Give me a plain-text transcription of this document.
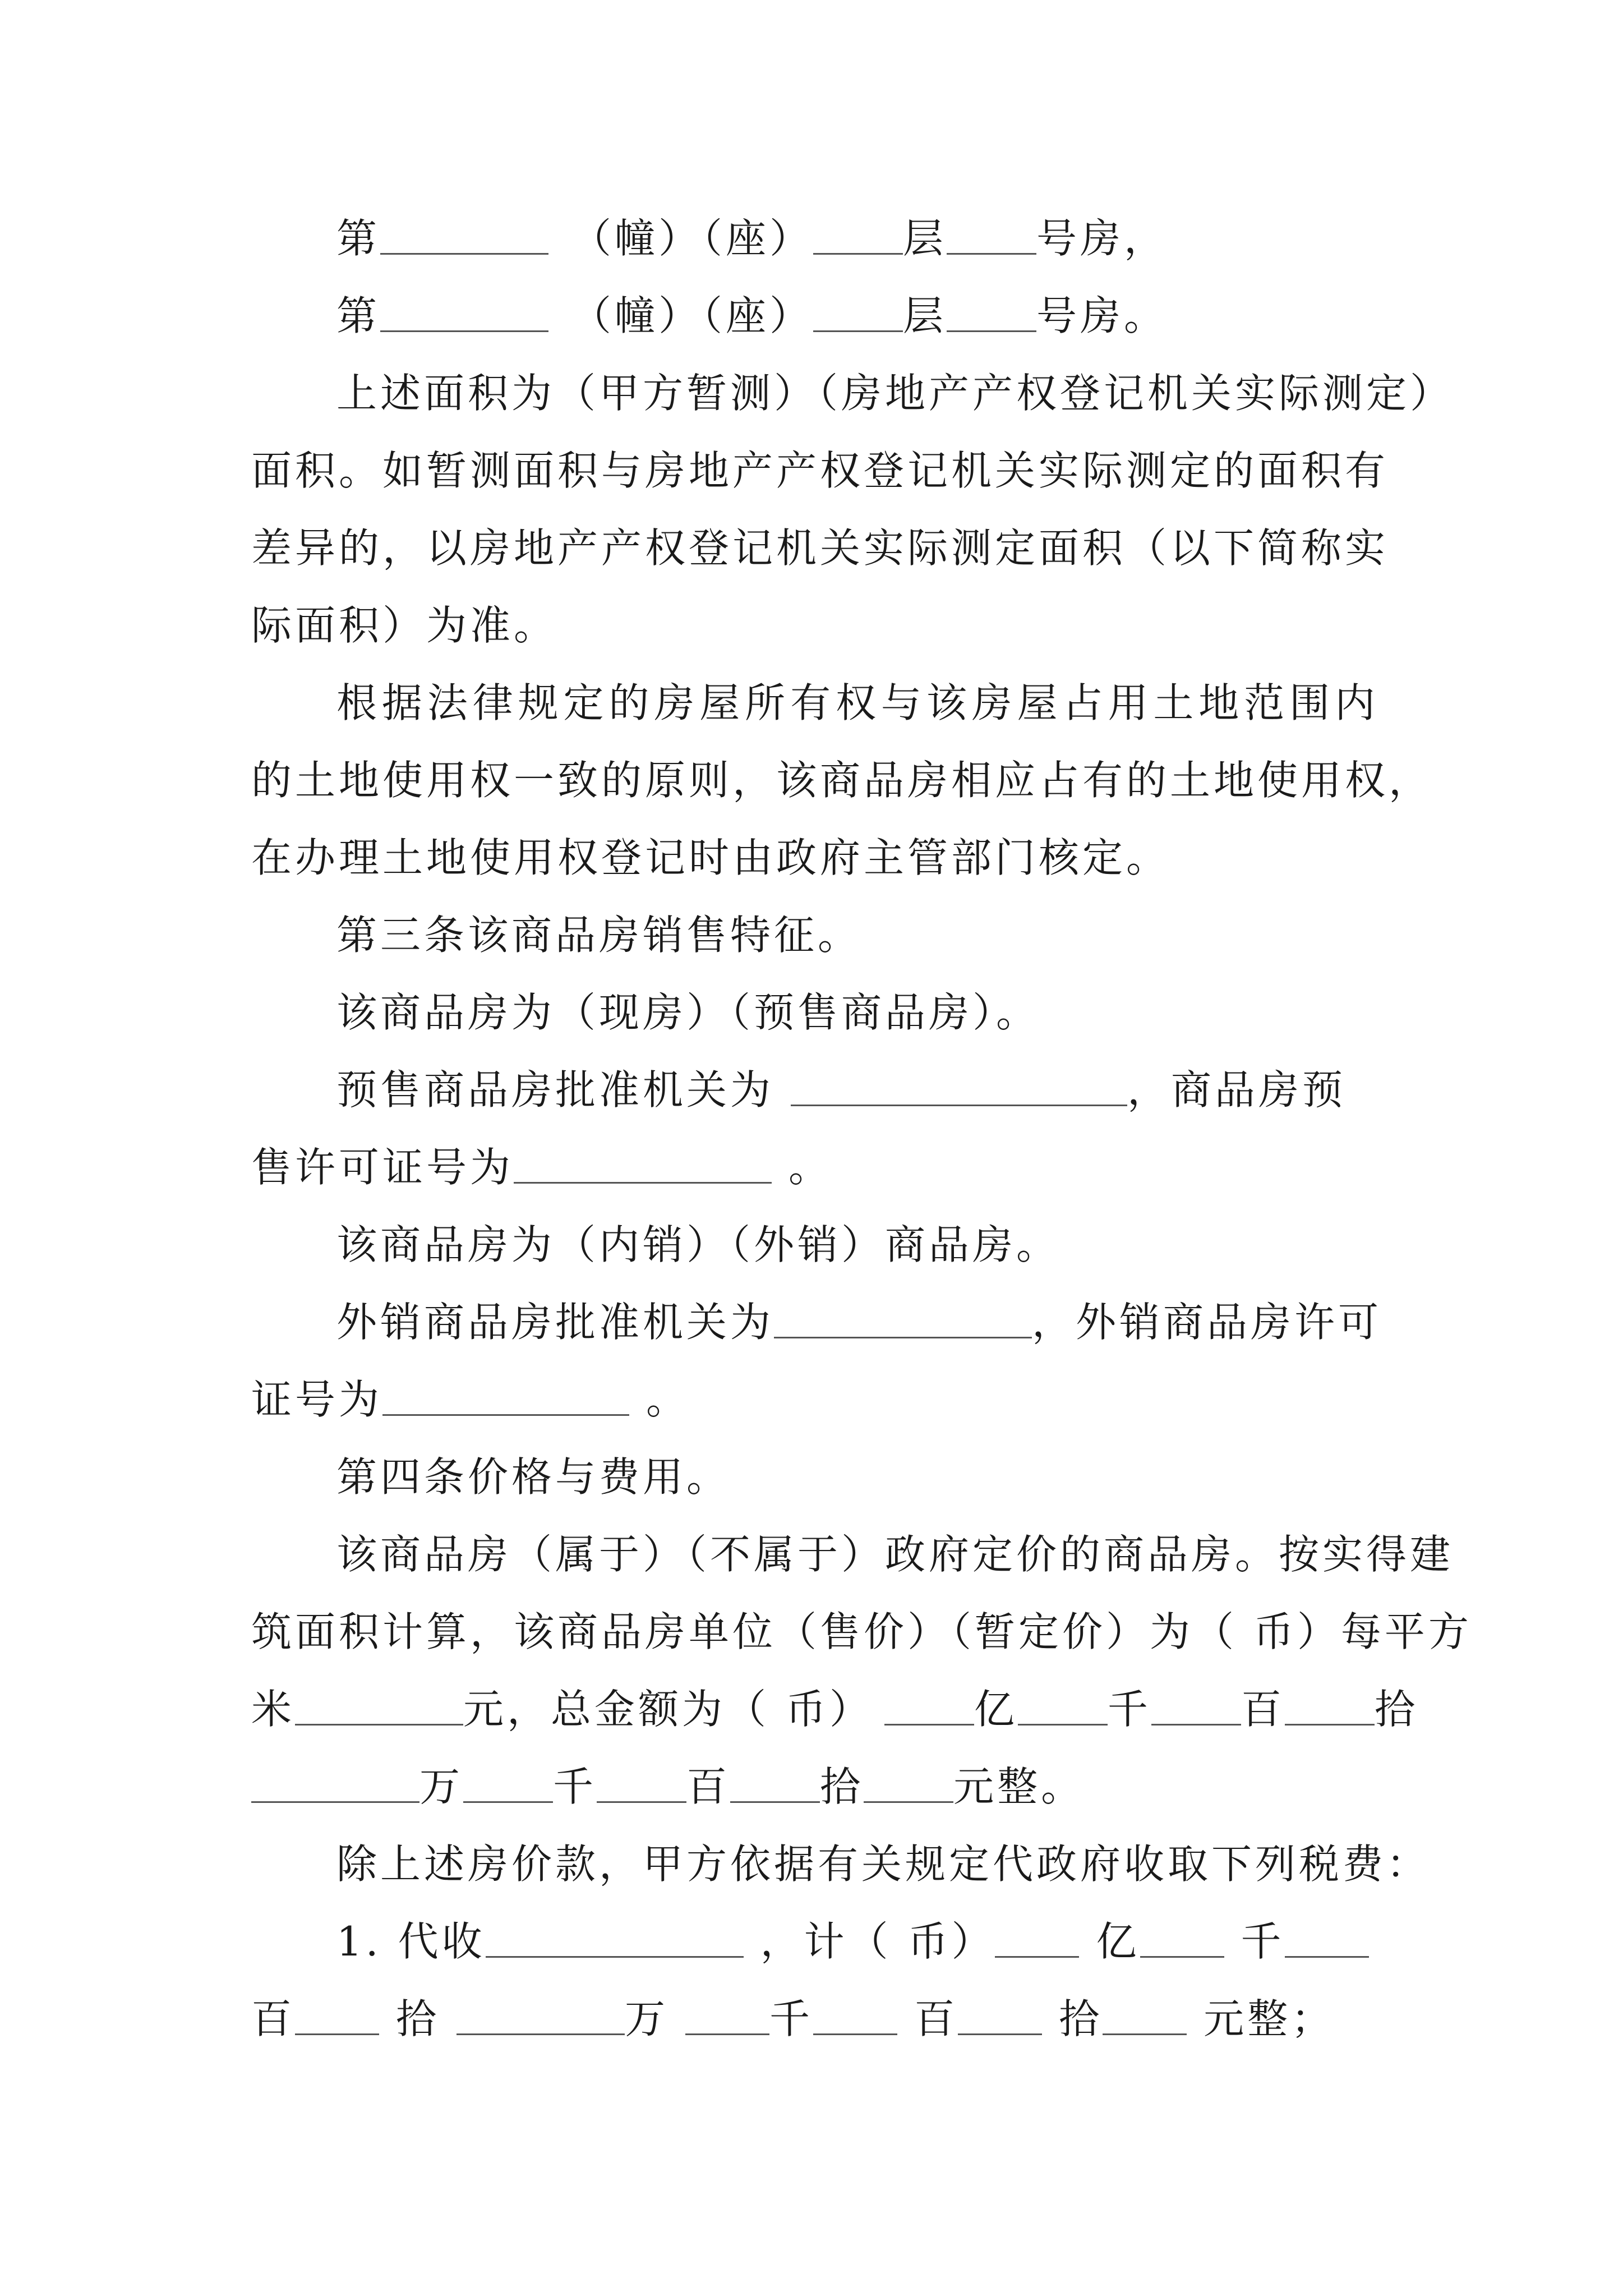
第	（幢）（座） 层 号房，
第	（幢）（座） 层 号房。
上述面积为（甲方暂测）（房地产产权登记机关实际测定）
面积。如暂测面积与房地产产权登记机关实际测定的面积有
差异的，以房地产产权登记机关实际测定面积（以下简称实
际面积）为准。
根据法律规定的房屋所有权与该房屋占用土地范围内
的土地使用权一致的原则，该商品房相应占有的土地使用权，
在办理土地使用权登记时由政府主管部门核定。
第三条该商品房销售特征。
该商品房为（现房）（预售商品房）。
预售商品房批准机关为	，商品房预
售许可证号为	。
该商品房为（内销）（外销）商品房。
外销商品房批准机关为	，外销商品房许可
证号为	。
第四条价格与费用。
该商品房（属于）（不属于）政府定价的商品房。按实得建
筑面积计算，该商品房单位（售价）（暂定价）为（ 币）每平方
米	元，总金额为（ 币）	亿 千 百 拾
万 千 百 拾 元整。
除上述房价款，甲方依据有关规定代政府收取下列税费：
1. 代收	，计（ 币）	亿	千
百	拾	万	千	百	拾	元整；
